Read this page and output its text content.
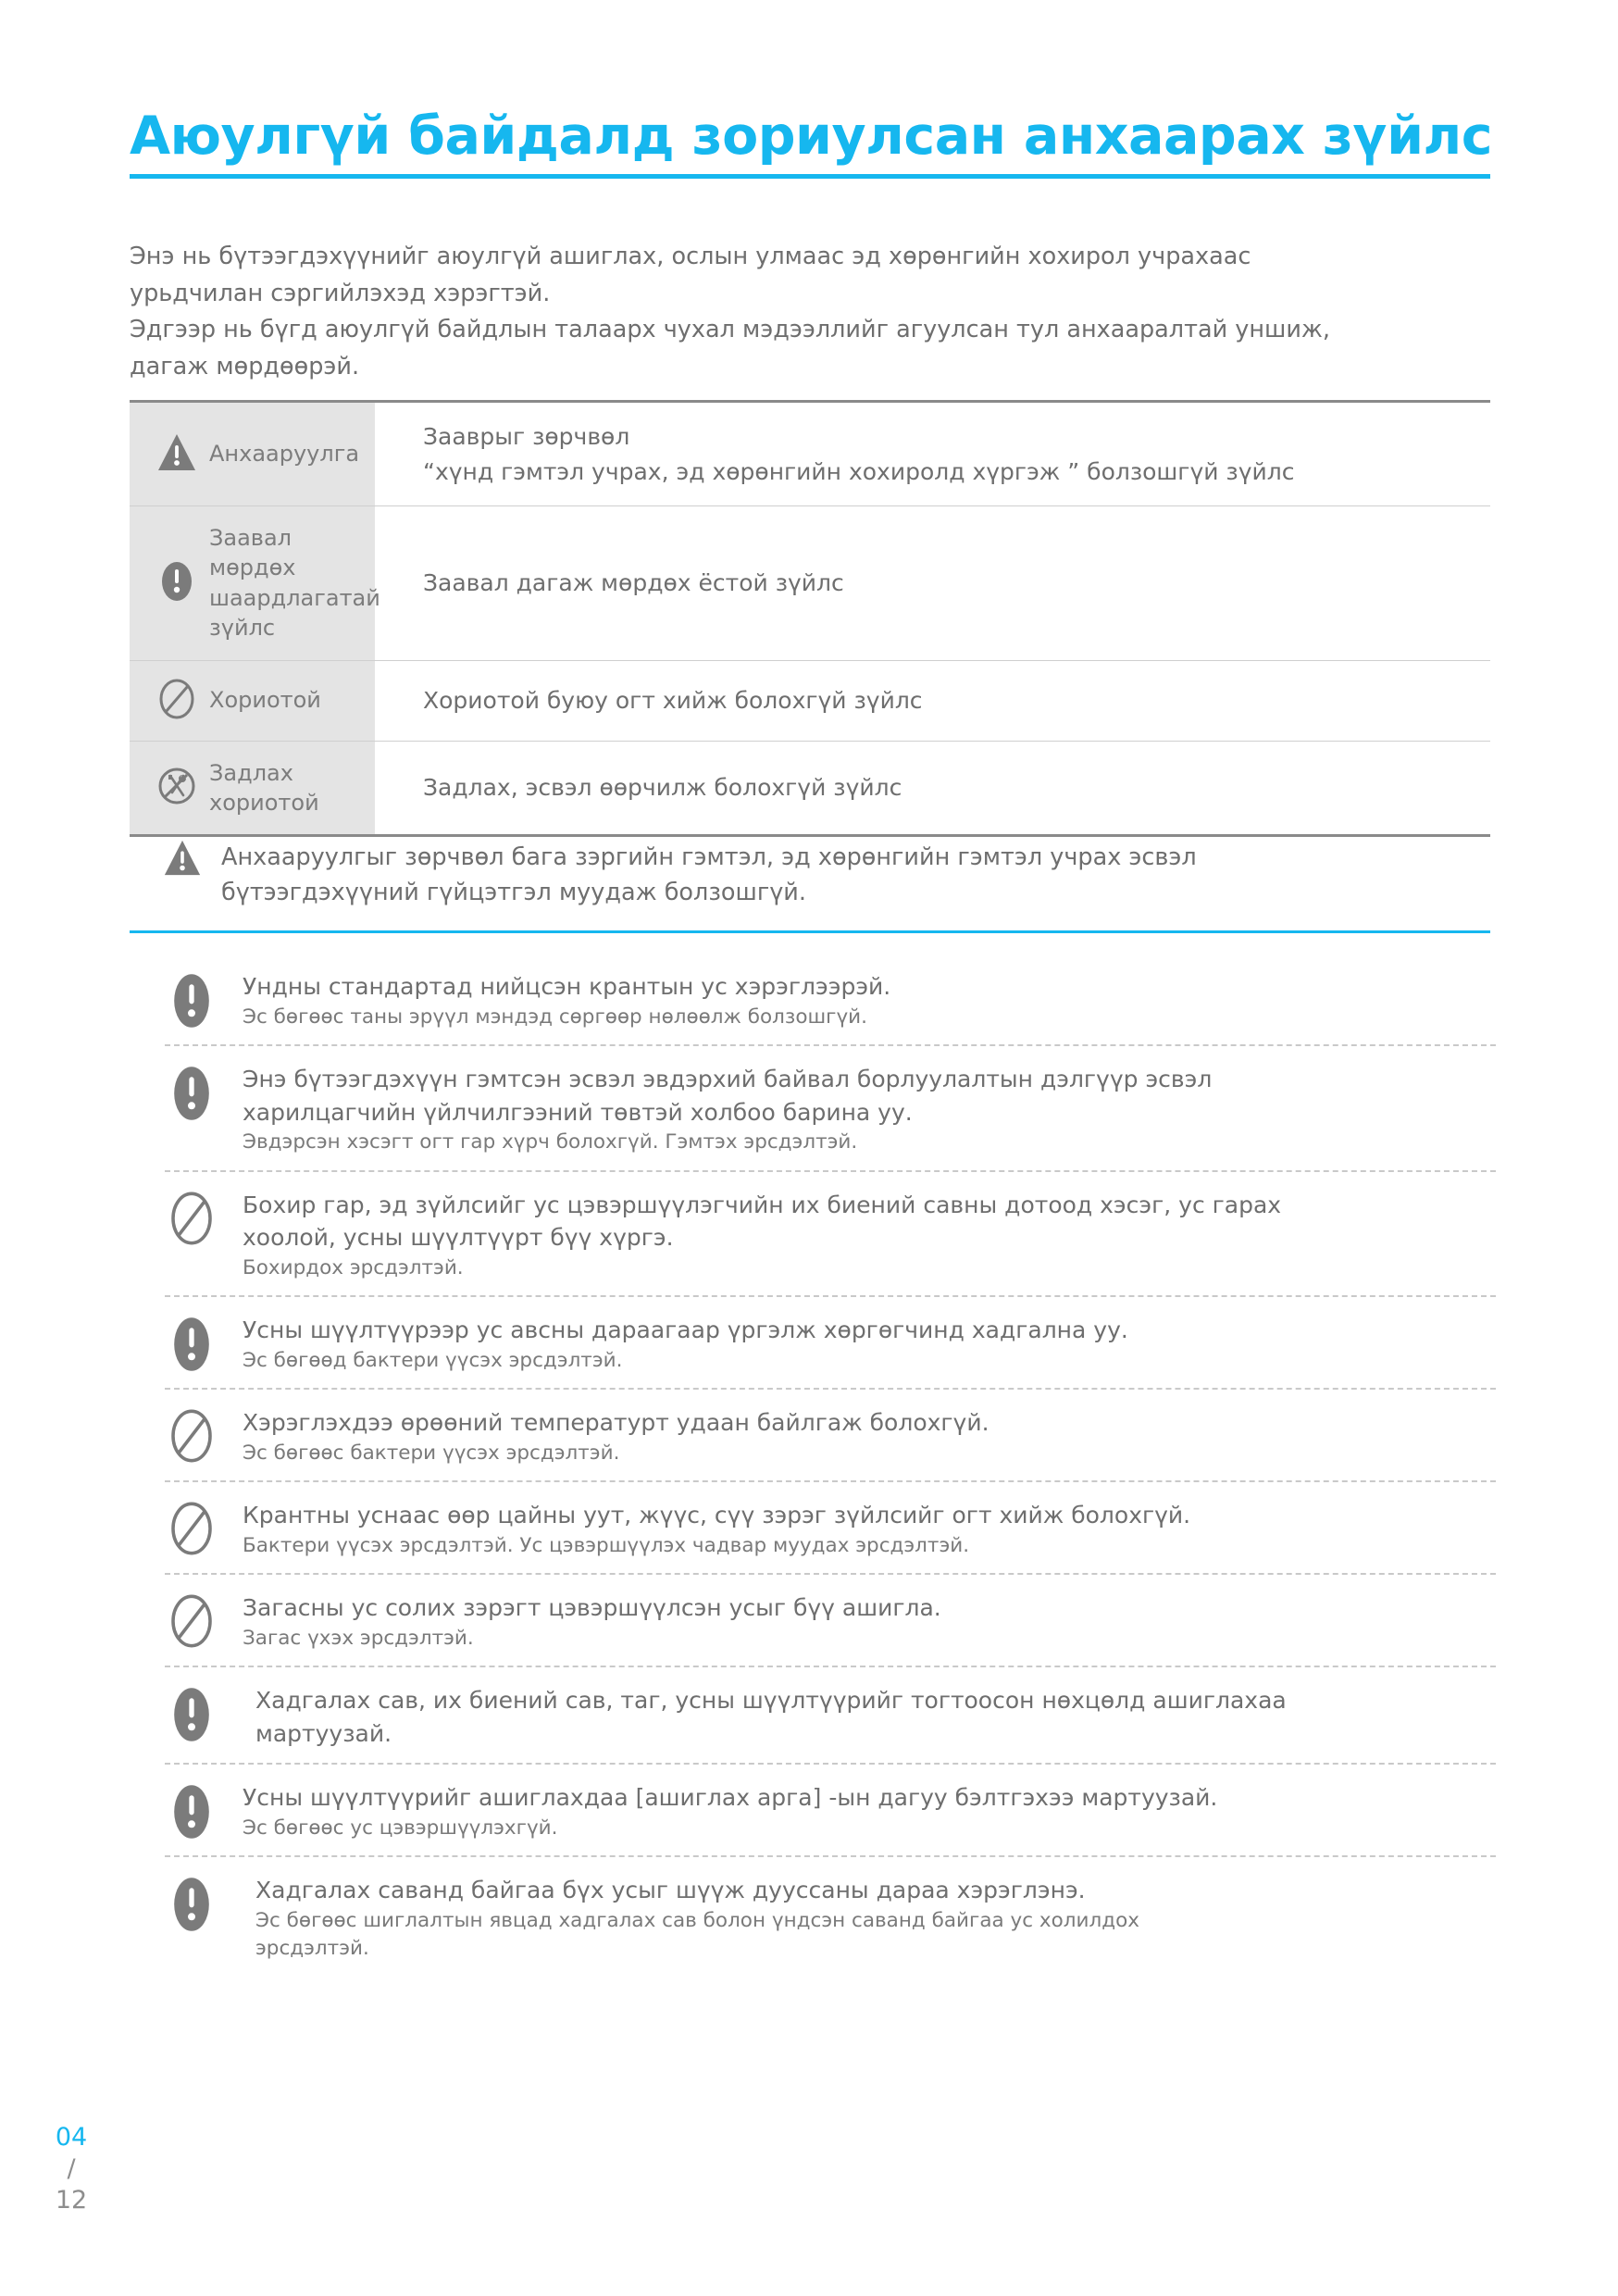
Аюулгүй байдалд зориулсан анхаарах зүйлс

Энэ нь бүтээгдэхүүнийг аюулгүй ашиглах, ослын улмаас эд хөрөнгийн хохирол учрахаас

урьдчилан сэргийлэхэд хэрэгтэй.

Эдгээр нь бүгд аюулгүй байдлын талаарх чухал мэдээллийг агуулсан тул анхааралтай уншиж,

дагаж мөрдөөрэй.

Анхааруулга
Зааврыг зөрчвөл
“хүнд гэмтэл учрах, эд хөрөнгийн хохиролд хүргэж ” болзошгүй зүйлс
Заавал мөрдөх шаардлагатай зүйлс
Заавал дагаж мөрдөх ёстой зүйлс
Хориотой	Хориотой буюу огт хийж болохгүй зүйлс
Задлах хориотой
Задлах, эсвэл өөрчилж болохгүй зүйлс
Анхааруулгыг зөрчвөл бага зэргийн гэмтэл, эд хөрөнгийн гэмтэл учрах эсвэл
бүтээгдэхүүний гүйцэтгэл муудаж болзошгүй.
Ундны стандартад нийцсэн крантын ус хэрэглээрэй.
Эс бөгөөс таны эрүүл мэндэд сөргөөр нөлөөлж болзошгүй.
Энэ бүтээгдэхүүн гэмтсэн эсвэл эвдэрхий байвал борлуулалтын дэлгүүр эсвэл
харилцагчийн үйлчилгээний төвтэй холбоо барина уу.
Эвдэрсэн хэсэгт огт гар хүрч болохгүй. Гэмтэх эрсдэлтэй.
Бохир гар, эд зүйлсийг ус цэвэршүүлэгчийн их биений савны дотоод хэсэг, ус гарах
хоолой, усны шүүлтүүрт бүү хүргэ.
Бохирдох эрсдэлтэй.
Усны шүүлтүүрээр ус авсны дараагаар үргэлж хөргөгчинд хадгална уу.
Эс бөгөөд бактери үүсэх эрсдэлтэй.
Хэрэглэхдээ өрөөний температурт удаан байлгаж болохгүй.
Эс бөгөөс бактери үүсэх эрсдэлтэй.
Крантны уснаас өөр цайны уут, жүүс, сүү зэрэг зүйлсийг огт хийж болохгүй.
Бактери үүсэх эрсдэлтэй. Ус цэвэршүүлэх чадвар муудах эрсдэлтэй.
Загасны ус солих зэрэгт цэвэршүүлсэн усыг бүү ашигла.
Загас үхэх эрсдэлтэй.
Хадгалах сав, их биений сав, таг, усны шүүлтүүрийг тогтоосон нөхцөлд ашиглахаа
мартуузай.
Усны шүүлтүүрийг ашиглахдаа [ашиглах арга] -ын дагуу бэлтгэхээ мартуузай.
Эс бөгөөс ус цэвэршүүлэхгүй.
Хадгалах саванд байгаа бүх усыг шүүж дууссаны дараа хэрэглэнэ.
Эс бөгөөс шиглалтын явцад хадгалах сав болон үндсэн саванд байгаа ус холилдох
эрсдэлтэй.
04
/
12
